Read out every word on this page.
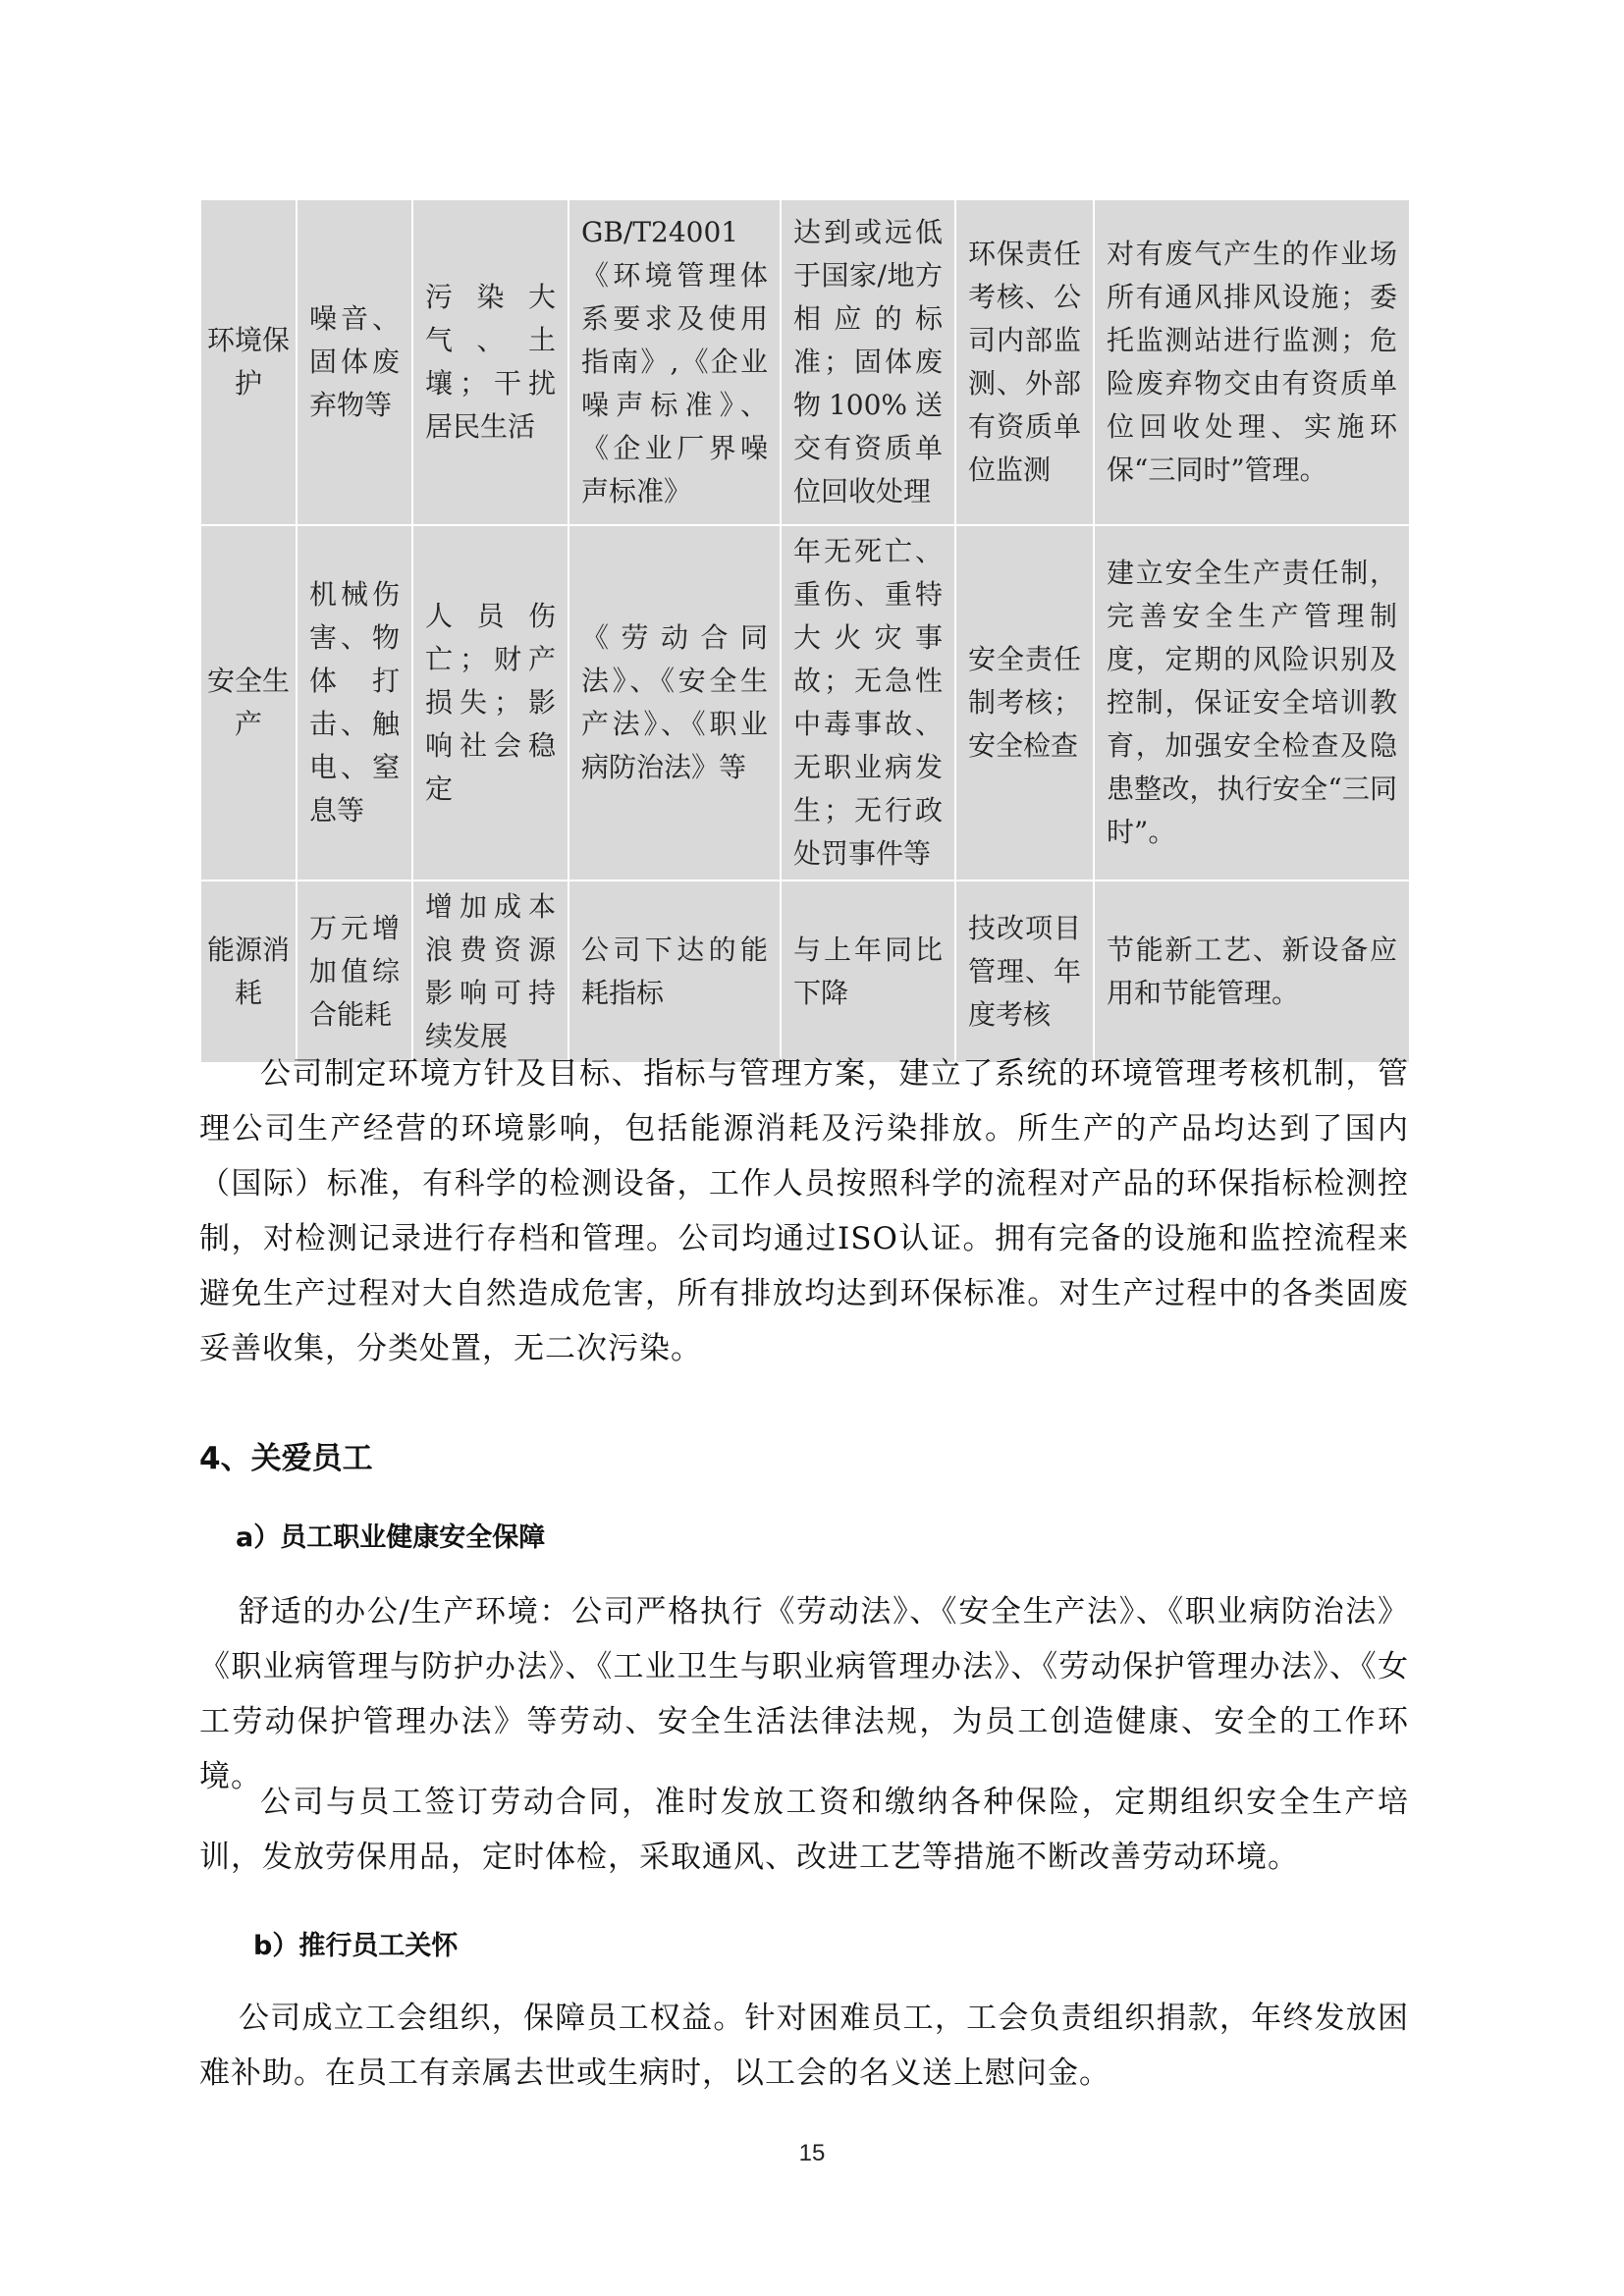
环境保护	噪音、固体废弃物等	污染大气、土壤；干扰居民生活	GB/T24001《环境管理体系要求及使用指南》,《企业噪声标准》、《企业厂界噪声标准》	达到或远低于国家/地方相应的标准；固体废物100%送交有资质单位回收处理	环保责任考核、公司内部监测、外部有资质单位监测	对有废气产生的作业场所有通风排风设施；委托监测站进行监测；危险废弃物交由有资质单位回收处理、实施环保“三同时”管理。
安全生产	机械伤害、物体打击、触电、窒息等	人员伤亡；财产损失；影响社会稳定	《劳动合同法》、《安全生产法》、《职业病防治法》等	年无死亡、重伤、重特大火灾事故；无急性中毒事故、无职业病发生；无行政处罚事件等	安全责任制考核；安全检查	建立安全生产责任制，完善安全生产管理制度，定期的风险识别及控制，保证安全培训教育，加强安全检查及隐患整改，执行安全“三同时”。
能源消耗	万元增加值综合能耗	增加成本浪费资源影响可持续发展	公司下达的能耗指标	与上年同比下降	技改项目管理、年度考核	节能新工艺、新设备应用和节能管理。

公司制定环境方针及目标、指标与管理方案，建立了系统的环境管理考核机制，管理公司生产经营的环境影响，包括能源消耗及污染排放。所生产的产品均达到了国内（国际）标准，有科学的检测设备，工作人员按照科学的流程对产品的环保指标检测控制，对检测记录进行存档和管理。公司均通过ISO认证。拥有完备的设施和监控流程来避免生产过程对大自然造成危害，所有排放均达到环保标准。对生产过程中的各类固废妥善收集，分类处置，无二次污染。

4、关爱员工
a）员工职业健康安全保障

舒适的办公/生产环境：公司严格执行《劳动法》、《安全生产法》、《职业病防治法》《职业病管理与防护办法》、《工业卫生与职业病管理办法》、《劳动保护管理办法》、《女工劳动保护管理办法》等劳动、安全生活法律法规，为员工创造健康、安全的工作环境。

公司与员工签订劳动合同，准时发放工资和缴纳各种保险，定期组织安全生产培训，发放劳保用品，定时体检，采取通风、改进工艺等措施不断改善劳动环境。

b）推行员工关怀

公司成立工会组织，保障员工权益。针对困难员工，工会负责组织捐款，年终发放困难补助。在员工有亲属去世或生病时，以工会的名义送上慰问金。

15
